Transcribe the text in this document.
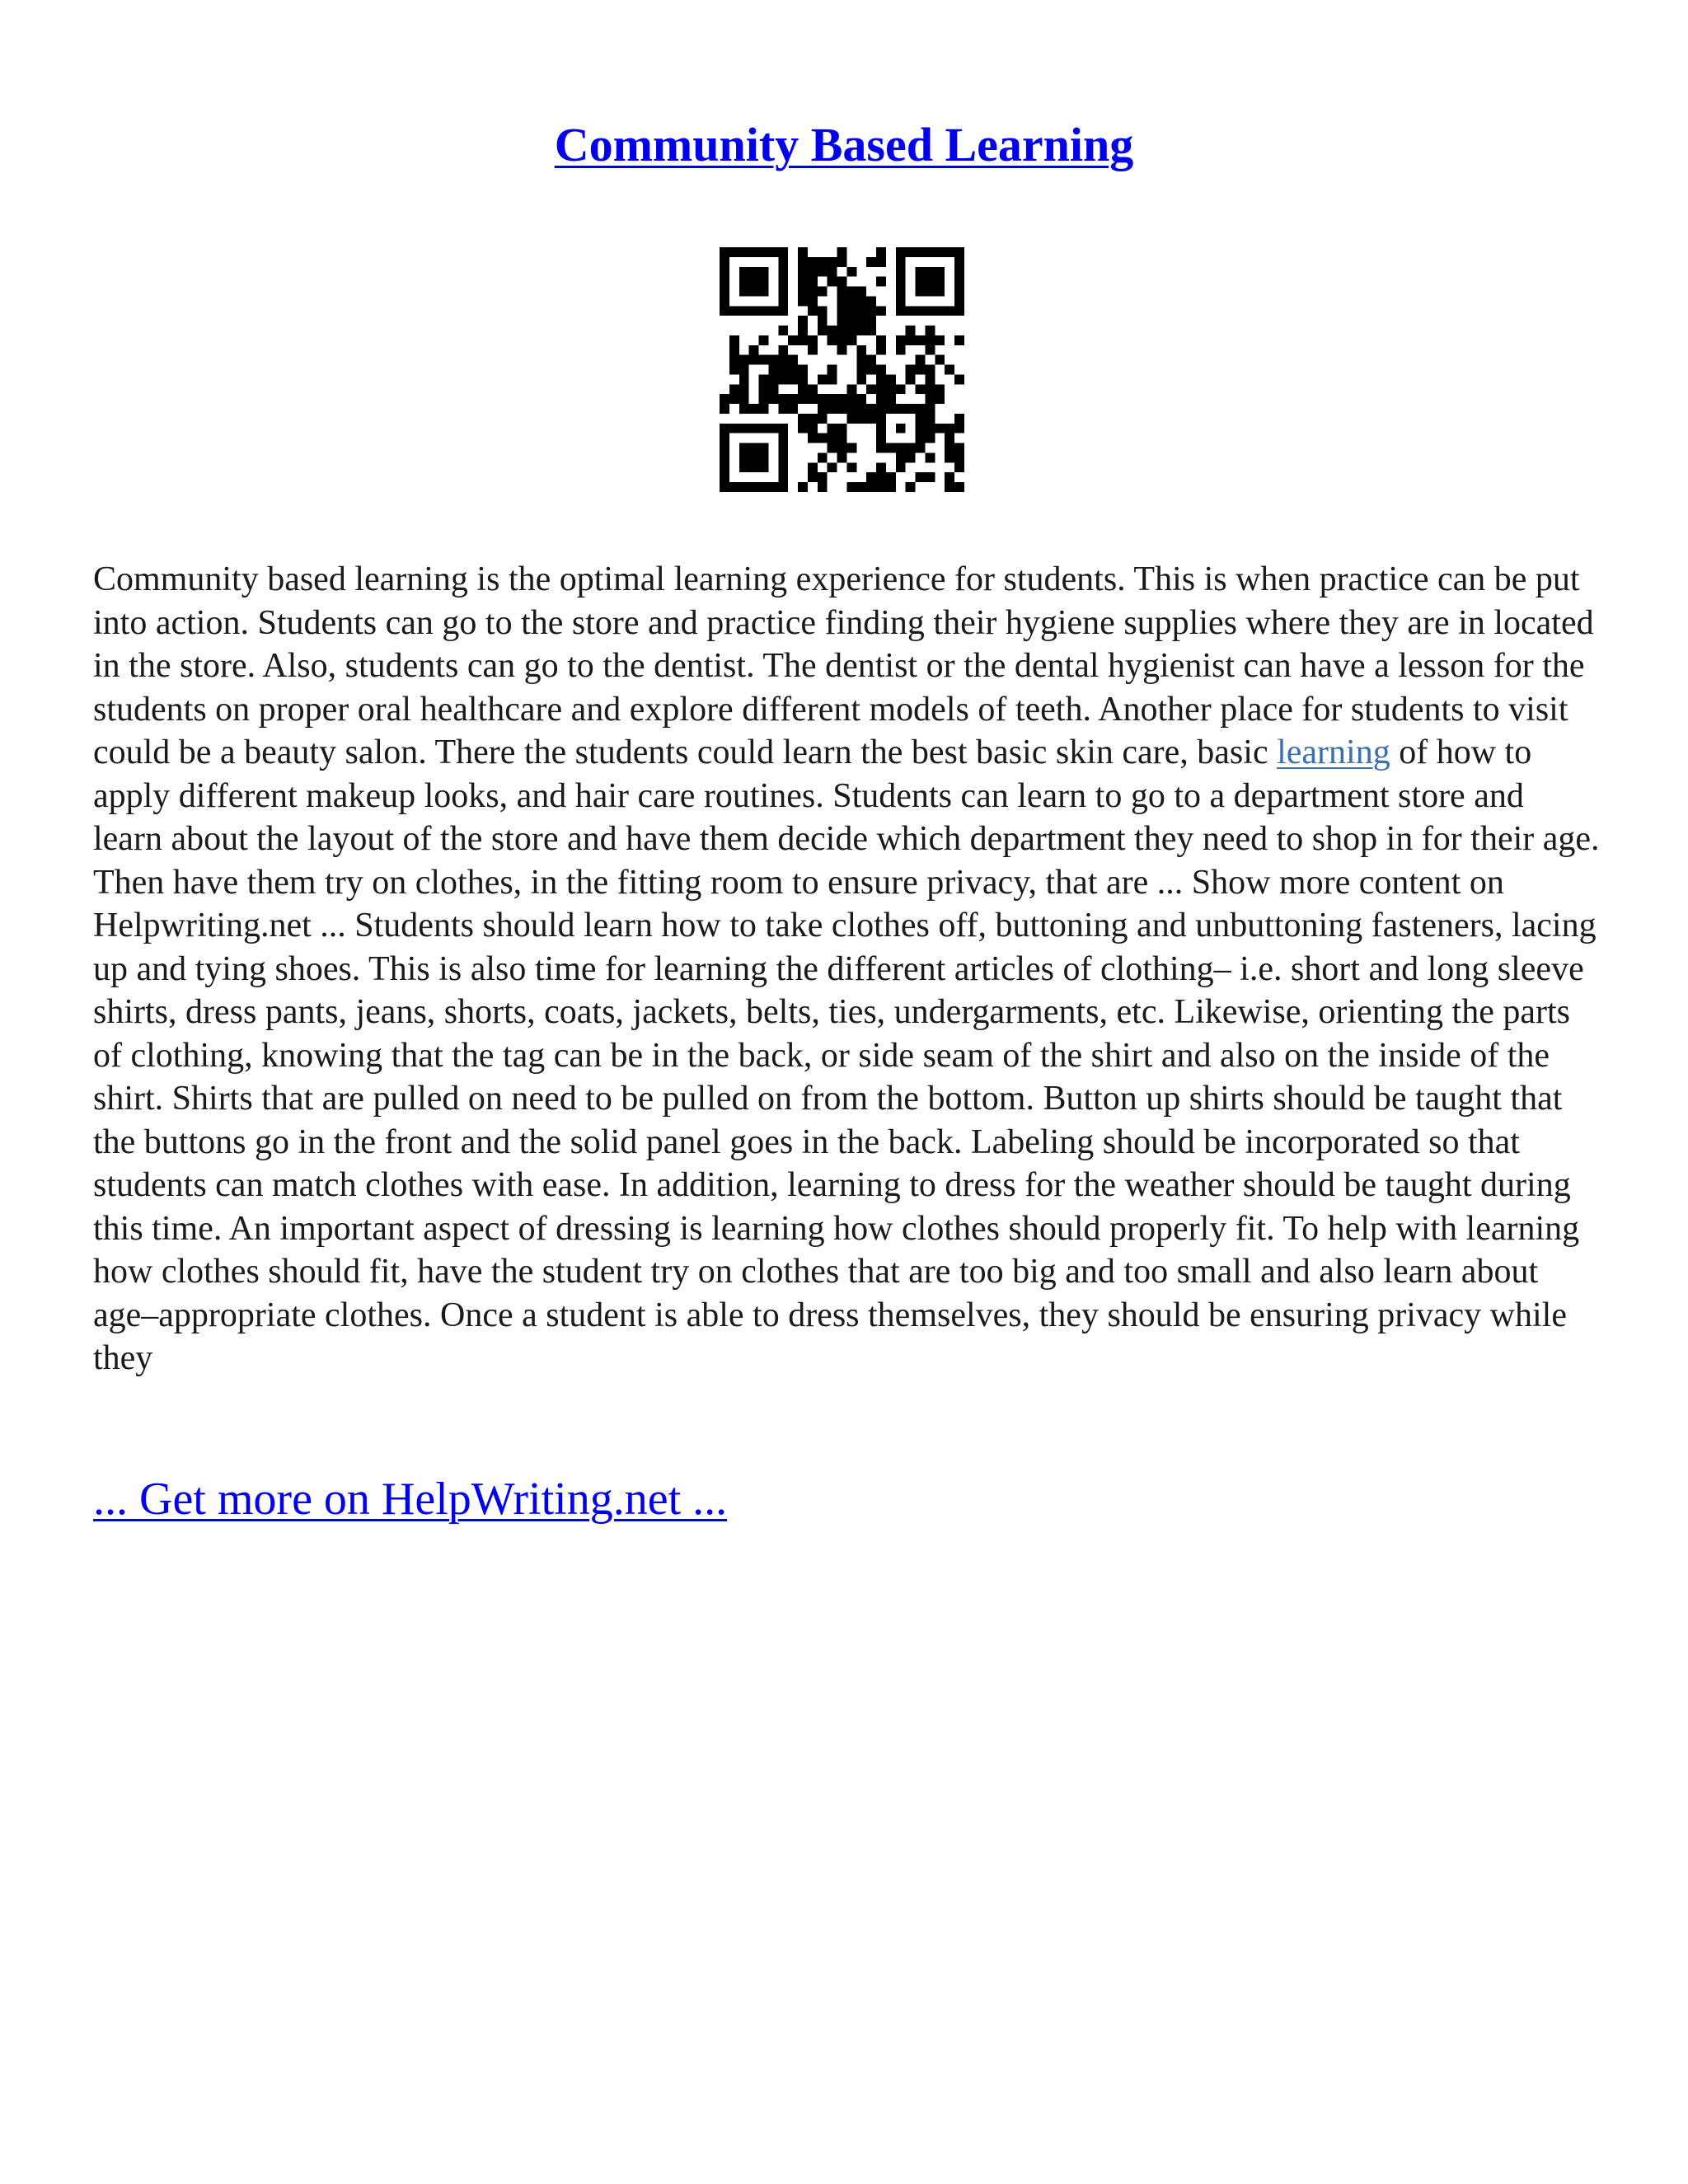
Community Based Learning

Community based learning is the optimal learning experience for students. This is when practice can be put into action. Students can go to the store and practice finding their hygiene supplies where they are in located in the store. Also, students can go to the dentist. The dentist or the dental hygienist can have a lesson for the students on proper oral healthcare and explore different models of teeth. Another place for students to visit could be a beauty salon. There the students could learn the best basic skin care, basic learning of how to apply different makeup looks, and hair care routines. Students can learn to go to a department store and learn about the layout of the store and have them decide which department they need to shop in for their age. Then have them try on clothes, in the fitting room to ensure privacy, that are ... Show more content on Helpwriting.net ... Students should learn how to take clothes off, buttoning and unbuttoning fasteners, lacing up and tying shoes. This is also time for learning the different articles of clothing– i.e. short and long sleeve shirts, dress pants, jeans, shorts, coats, jackets, belts, ties, undergarments, etc. Likewise, orienting the parts of clothing, knowing that the tag can be in the back, or side seam of the shirt and also on the inside of the shirt. Shirts that are pulled on need to be pulled on from the bottom. Button up shirts should be taught that the buttons go in the front and the solid panel goes in the back. Labeling should be incorporated so that students can match clothes with ease. In addition, learning to dress for the weather should be taught during this time. An important aspect of dressing is learning how clothes should properly fit. To help with learning how clothes should fit, have the student try on clothes that are too big and too small and also learn about age–appropriate clothes. Once a student is able to dress themselves, they should be ensuring privacy while they

... Get more on HelpWriting.net ...
